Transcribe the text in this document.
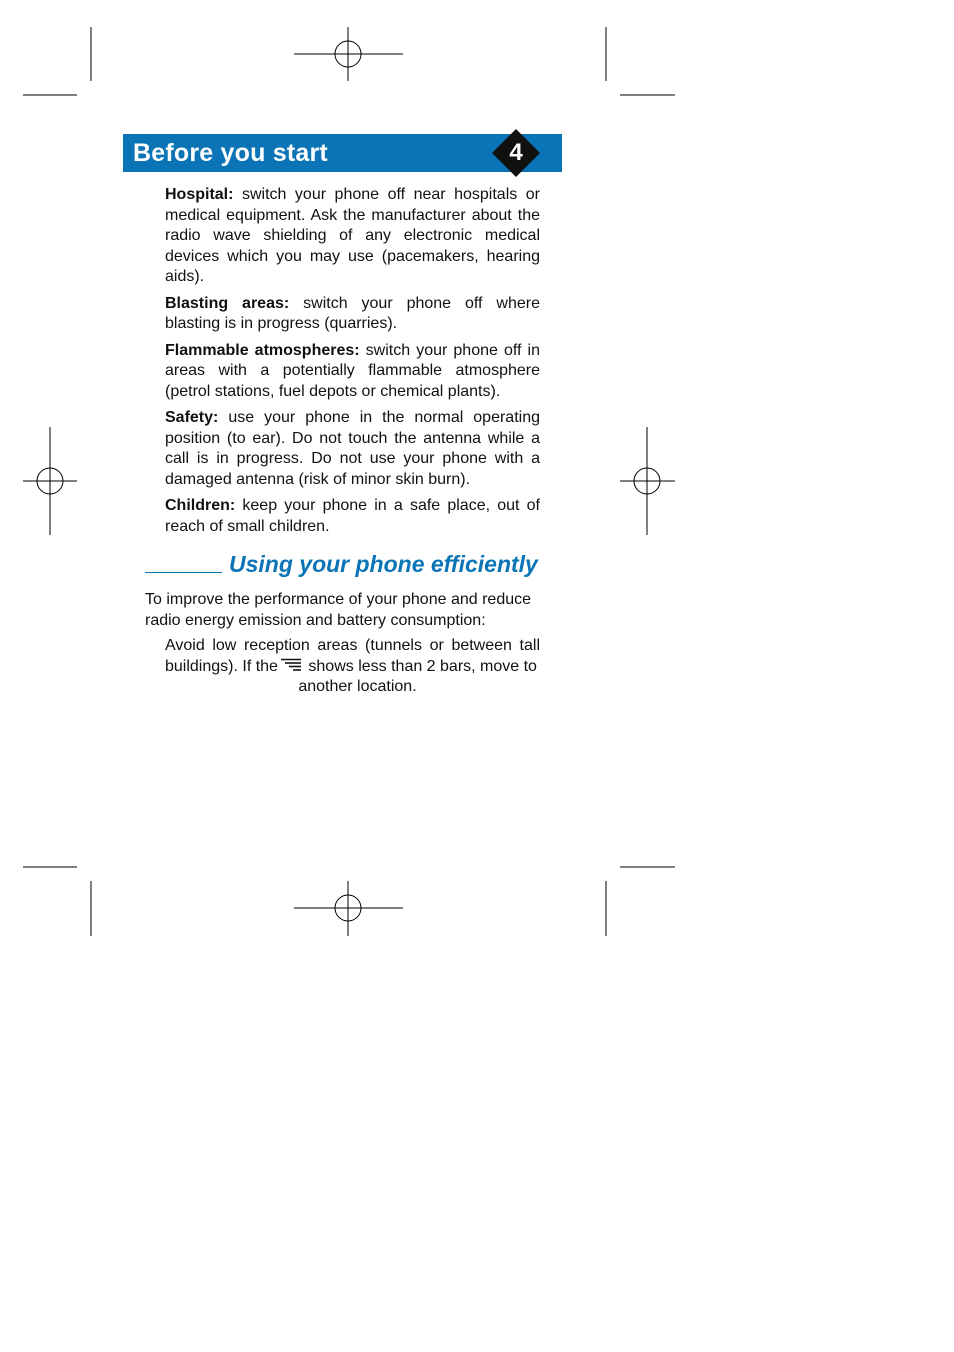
Before you start	4

Hospital: switch your phone off near hospitals or medical equipment. Ask the manufacturer about the radio wave shielding of any electronic medical devices which you may use (pacemakers, hearing aids).

Blasting areas: switch your phone off where blasting is in progress (quarries).

Flammable atmospheres: switch your phone off in areas with a potentially flammable atmosphere (petrol stations, fuel depots or chemical plants).

Safety: use your phone in the normal operating position (to ear). Do not touch the antenna while a call is in progress. Do not use your phone with a damaged antenna (risk of minor skin burn).

Children: keep your phone in a safe place, out of reach of small children.

Using your phone efficiently

To improve the performance of your phone and reduce radio energy emission and battery consumption:

Avoid low reception areas (tunnels or between tall
buildings). If the shows less than 2 bars, move to
another location.
